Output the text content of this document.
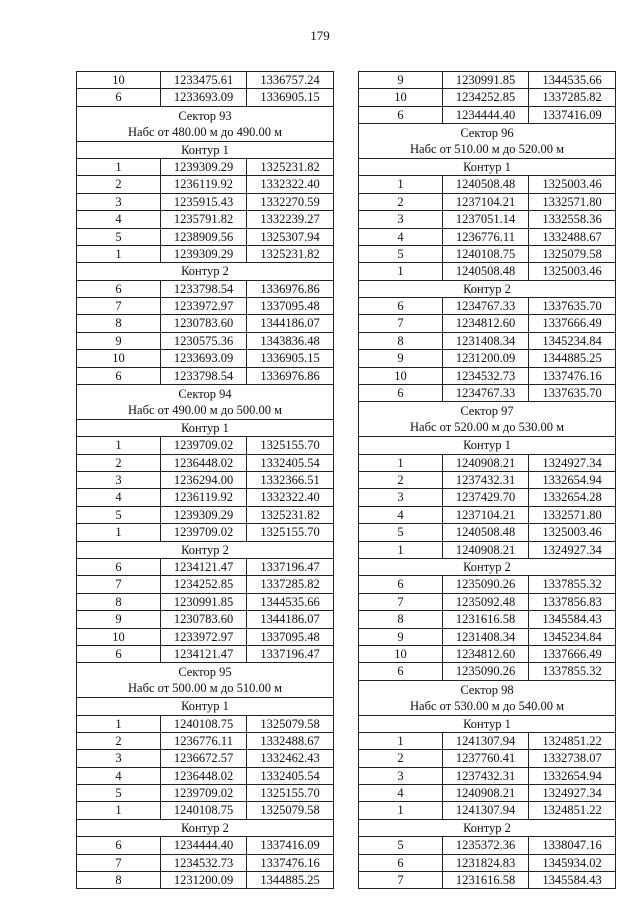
179
10	1233475.61	1336757.24
6	1233693.09	1336905.15
Сектор 93
Набс от 480.00 м до 490.00 м
Контур 1
1	1239309.29	1325231.82
2	1236119.92	1332322.40
3	1235915.43	1332270.59
4	1235791.82	1332239.27
5	1238909.56	1325307.94
1	1239309.29	1325231.82
Контур 2
6	1233798.54	1336976.86
7	1233972.97	1337095.48
8	1230783.60	1344186.07
9	1230575.36	1343836.48
10	1233693.09	1336905.15
6	1233798.54	1336976.86
Сектор 94
Набс от 490.00 м до 500.00 м
Контур 1
1	1239709.02	1325155.70
2	1236448.02	1332405.54
3	1236294.00	1332366.51
4	1236119.92	1332322.40
5	1239309.29	1325231.82
1	1239709.02	1325155.70
Контур 2
6	1234121.47	1337196.47
7	1234252.85	1337285.82
8	1230991.85	1344535.66
9	1230783.60	1344186.07
10	1233972.97	1337095.48
6	1234121.47	1337196.47
Сектор 95
Набс от 500.00 м до 510.00 м
Контур 1
1	1240108.75	1325079.58
2	1236776.11	1332488.67
3	1236672.57	1332462.43
4	1236448.02	1332405.54
5	1239709.02	1325155.70
1	1240108.75	1325079.58
Контур 2
6	1234444.40	1337416.09
7	1234532.73	1337476.16
8	1231200.09	1344885.25
9	1230991.85	1344535.66
10	1234252.85	1337285.82
6	1234444.40	1337416.09
Сектор 96
Набс от 510.00 м до 520.00 м
Контур 1
1	1240508.48	1325003.46
2	1237104.21	1332571.80
3	1237051.14	1332558.36
4	1236776.11	1332488.67
5	1240108.75	1325079.58
1	1240508.48	1325003.46
Контур 2
6	1234767.33	1337635.70
7	1234812.60	1337666.49
8	1231408.34	1345234.84
9	1231200.09	1344885.25
10	1234532.73	1337476.16
6	1234767.33	1337635.70
Сектор 97
Набс от 520.00 м до 530.00 м
Контур 1
1	1240908.21	1324927.34
2	1237432.31	1332654.94
3	1237429.70	1332654.28
4	1237104.21	1332571.80
5	1240508.48	1325003.46
1	1240908.21	1324927.34
Контур 2
6	1235090.26	1337855.32
7	1235092.48	1337856.83
8	1231616.58	1345584.43
9	1231408.34	1345234.84
10	1234812.60	1337666.49
6	1235090.26	1337855.32
Сектор 98
Набс от 530.00 м до 540.00 м
Контур 1
1	1241307.94	1324851.22
2	1237760.41	1332738.07
3	1237432.31	1332654.94
4	1240908.21	1324927.34
1	1241307.94	1324851.22
Контур 2
5	1235372.36	1338047.16
6	1231824.83	1345934.02
7	1231616.58	1345584.43
